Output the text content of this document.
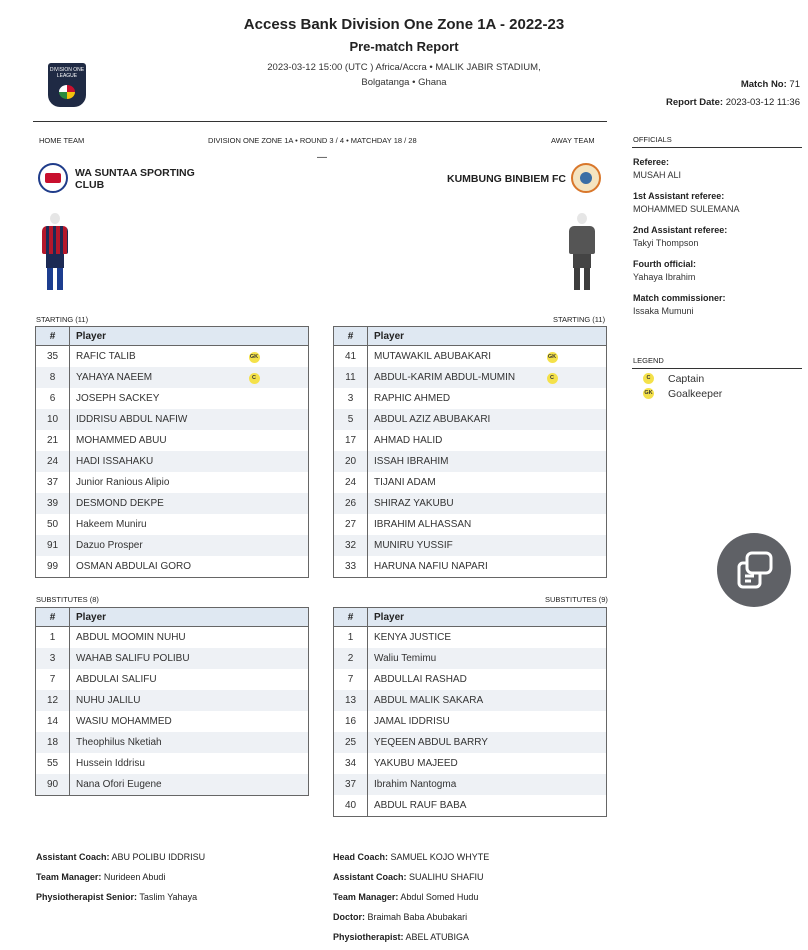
DIVISION ONE LEAGUE
Access Bank Division One Zone 1A - 2022-23
Pre-match Report
2023-03-12 15:00 (UTC ) Africa/Accra • MALIK JABIR STADIUM,
Bolgatanga • Ghana	Match No: 71
Report Date: 2023-03-12 11:36
HOME TEAM	DIVISION ONE ZONE 1A • ROUND 3 / 4 • MATCHDAY 18 / 28	AWAY TEAM
—
WA SUNTAA SPORTING CLUB	KUMBUNG BINBIEM FC
OFFICIALS
Referee:
MUSAH ALI
1st Assistant referee:
MOHAMMED SULEMANA
2nd Assistant referee:
Takyi Thompson
Fourth official:
Yahaya Ibrahim
Match commissioner:
Issaka Mumuni
LEGEND
C	Captain
GK Goalkeeper
STARTING (11)	STARTING (11)
SUBSTITUTES (8)	SUBSTITUTES (9)
#	Player	
35	RAFIC TALIB	GK
8	YAHAYA NAEEM	C
6	JOSEPH SACKEY	
10	IDDRISU ABDUL NAFIW	
21	MOHAMMED ABUU	
24	HADI ISSAHAKU	
37	Junior Ranious Alipio	
39	DESMOND DEKPE	
50	Hakeem Muniru	
91	Dazuo Prosper	
99	OSMAN ABDULAI GORO	
#	Player	
41	MUTAWAKIL ABUBAKARI	GK
11	ABDUL-KARIM ABDUL-MUMIN	C
3	RAPHIC AHMED	
5	ABDUL AZIZ ABUBAKARI	
17	AHMAD HALID	
20	ISSAH IBRAHIM	
24	TIJANI ADAM	
26	SHIRAZ YAKUBU	
27	IBRAHIM ALHASSAN	
32	MUNIRU YUSSIF	
33	HARUNA NAFIU NAPARI	
#	Player	
1	ABDUL MOOMIN NUHU	
3	WAHAB SALIFU POLIBU	
7	ABDULAI SALIFU	
12	NUHU JALILU	
14	WASIU MOHAMMED	
18	Theophilus Nketiah	
55	Hussein Iddrisu	
90	Nana Ofori Eugene	
#	Player	
1	KENYA JUSTICE	
2	Waliu Temimu	
7	ABDULLAI RASHAD	
13	ABDUL MALIK SAKARA	
16	JAMAL IDDRISU	
25	YEQEEN ABDUL BARRY	
34	YAKUBU MAJEED	
37	Ibrahim Nantogma	
40	ABDUL RAUF BABA	
Assistant Coach: ABU POLIBU IDDRISU
Team Manager: Nurideen Abudi
Physiotherapist Senior: Taslim Yahaya
Head Coach: SAMUEL KOJO WHYTE
Assistant Coach: SUALIHU SHAFIU
Team Manager: Abdul Somed Hudu
Doctor: Braimah Baba Abubakari
Physiotherapist: ABEL ATUBIGA
